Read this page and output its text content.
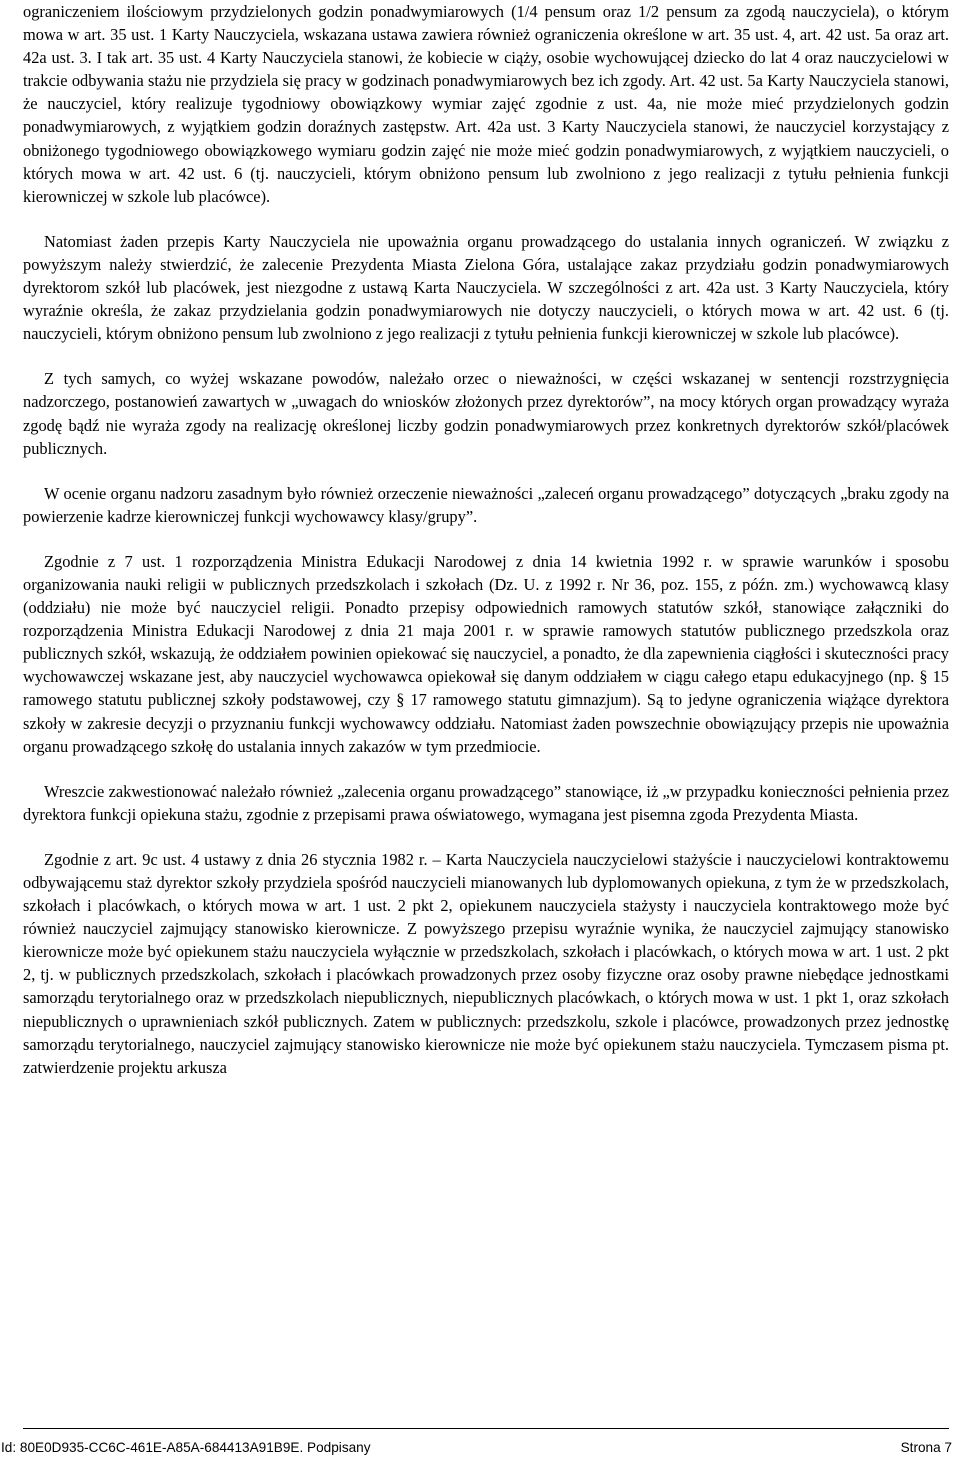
ograniczeniem ilościowym przydzielonych godzin ponadwymiarowych (1/4 pensum oraz 1/2 pensum za zgodą nauczyciela), o którym mowa w art. 35 ust. 1 Karty Nauczyciela, wskazana ustawa zawiera również ograniczenia określone w art. 35 ust. 4, art. 42 ust. 5a oraz art. 42a ust. 3. I tak art. 35 ust. 4 Karty Nauczyciela stanowi, że kobiecie w ciąży, osobie wychowującej dziecko do lat 4 oraz nauczycielowi w trakcie odbywania stażu nie przydziela się pracy w godzinach ponadwymiarowych bez ich zgody. Art. 42 ust. 5a Karty Nauczyciela stanowi, że nauczyciel, który realizuje tygodniowy obowiązkowy wymiar zajęć zgodnie z ust. 4a, nie może mieć przydzielonych godzin ponadwymiarowych, z wyjątkiem godzin doraźnych zastępstw. Art. 42a ust. 3 Karty Nauczyciela stanowi, że nauczyciel korzystający z obniżonego tygodniowego obowiązkowego wymiaru godzin zajęć nie może mieć godzin ponadwymiarowych, z wyjątkiem nauczycieli, o których mowa w art. 42 ust. 6 (tj. nauczycieli, którym obniżono pensum lub zwolniono z jego realizacji z tytułu pełnienia funkcji kierowniczej w szkole lub placówce).

Natomiast żaden przepis Karty Nauczyciela nie upoważnia organu prowadzącego do ustalania innych ograniczeń. W związku z powyższym należy stwierdzić, że zalecenie Prezydenta Miasta Zielona Góra, ustalające zakaz przydziału godzin ponadwymiarowych dyrektorom szkół lub placówek, jest niezgodne z ustawą Karta Nauczyciela. W szczególności z art. 42a ust. 3 Karty Nauczyciela, który wyraźnie określa, że zakaz przydzielania godzin ponadwymiarowych nie dotyczy nauczycieli, o których mowa w art. 42 ust. 6 (tj. nauczycieli, którym obniżono pensum lub zwolniono z jego realizacji z tytułu pełnienia funkcji kierowniczej w szkole lub placówce).

Z tych samych, co wyżej wskazane powodów, należało orzec o nieważności, w części wskazanej w sentencji rozstrzygnięcia nadzorczego, postanowień zawartych w „uwagach do wniosków złożonych przez dyrektorów”, na mocy których organ prowadzący wyraża zgodę bądź nie wyraża zgody na realizację określonej liczby godzin ponadwymiarowych przez konkretnych dyrektorów szkół/placówek publicznych.

W ocenie organu nadzoru zasadnym było również orzeczenie nieważności „zaleceń organu prowadzącego” dotyczących „braku zgody na powierzenie kadrze kierowniczej funkcji wychowawcy klasy/grupy”.

Zgodnie z 7 ust. 1 rozporządzenia Ministra Edukacji Narodowej z dnia 14 kwietnia 1992 r. w sprawie warunków i sposobu organizowania nauki religii w publicznych przedszkolach i szkołach (Dz. U. z 1992 r. Nr 36, poz. 155, z późn. zm.) wychowawcą klasy (oddziału) nie może być nauczyciel religii. Ponadto przepisy odpowiednich ramowych statutów szkół, stanowiące załączniki do rozporządzenia Ministra Edukacji Narodowej z dnia 21 maja 2001 r. w sprawie ramowych statutów publicznego przedszkola oraz publicznych szkół, wskazują, że oddziałem powinien opiekować się nauczyciel, a ponadto, że dla zapewnienia ciągłości i skuteczności pracy wychowawczej wskazane jest, aby nauczyciel wychowawca opiekował się danym oddziałem w ciągu całego etapu edukacyjnego (np. § 15 ramowego statutu publicznej szkoły podstawowej, czy § 17 ramowego statutu gimnazjum). Są to jedyne ograniczenia wiążące dyrektora szkoły w zakresie decyzji o przyznaniu funkcji wychowawcy oddziału. Natomiast żaden powszechnie obowiązujący przepis nie upoważnia organu prowadzącego szkołę do ustalania innych zakazów w tym przedmiocie.

Wreszcie zakwestionować należało również „zalecenia organu prowadzącego” stanowiące, iż „w przypadku konieczności pełnienia przez dyrektora funkcji opiekuna stażu, zgodnie z przepisami prawa oświatowego, wymagana jest pisemna zgoda Prezydenta Miasta.

Zgodnie z art. 9c ust. 4 ustawy z dnia 26 stycznia 1982 r. – Karta Nauczyciela nauczycielowi stażyście i nauczycielowi kontraktowemu odbywającemu staż dyrektor szkoły przydziela spośród nauczycieli mianowanych lub dyplomowanych opiekuna, z tym że w przedszkolach, szkołach i placówkach, o których mowa w art. 1 ust. 2 pkt 2, opiekunem nauczyciela stażysty i nauczyciela kontraktowego może być również nauczyciel zajmujący stanowisko kierownicze. Z powyższego przepisu wyraźnie wynika, że nauczyciel zajmujący stanowisko kierownicze może być opiekunem stażu nauczyciela wyłącznie w przedszkolach, szkołach i placówkach, o których mowa w art. 1 ust. 2 pkt 2, tj. w publicznych przedszkolach, szkołach i placówkach prowadzonych przez osoby fizyczne oraz osoby prawne niebędące jednostkami samorządu terytorialnego oraz w przedszkolach niepublicznych, niepublicznych placówkach, o których mowa w ust. 1 pkt 1, oraz szkołach niepublicznych o uprawnieniach szkół publicznych. Zatem w publicznych: przedszkolu, szkole i placówce, prowadzonych przez jednostkę samorządu terytorialnego, nauczyciel zajmujący stanowisko kierownicze nie może być opiekunem stażu nauczyciela. Tymczasem pisma pt. zatwierdzenie projektu arkusza

Id: 80E0D935-CC6C-461E-A85A-684413A91B9E. Podpisany	Strona 7
